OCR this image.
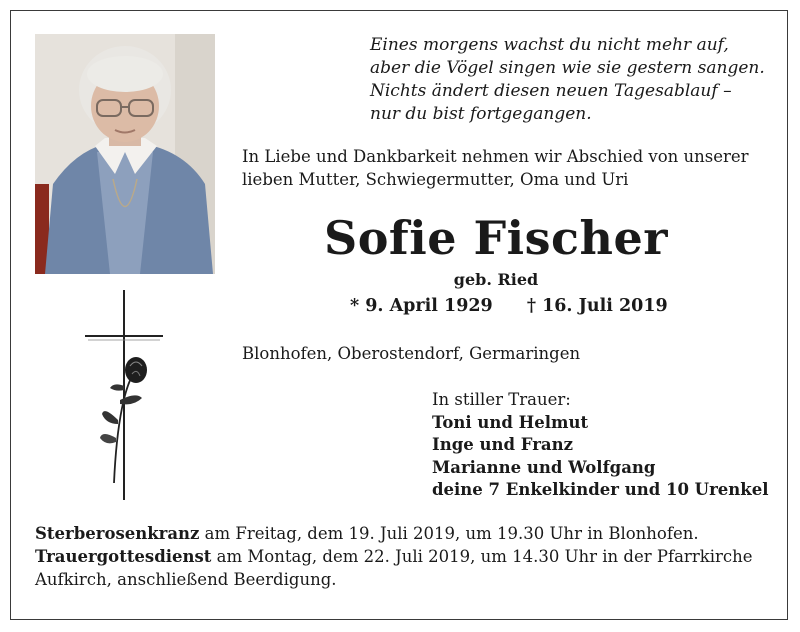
Eines morgens wachst du nicht mehr auf,
aber die Vögel singen wie sie gestern sangen.
Nichts ändert diesen neuen Tagesablauf –
nur du bist fortgegangen.
In Liebe und Dankbarkeit nehmen wir Abschied von unserer
lieben Mutter, Schwiegermutter, Oma und Uri
Sofie Fischer
geb. Ried
* 9. April 1929 † 16. Juli 2019
Blonhofen, Oberostendorf, Germaringen
In stiller Trauer:
Toni und Helmut
Inge und Franz
Marianne und Wolfgang
deine 7 Enkelkinder und 10 Urenkel
Sterberosenkranz am Freitag, dem 19. Juli 2019, um 19.30 Uhr in Blonhofen.
Trauergottesdienst am Montag, dem 22. Juli 2019, um 14.30 Uhr in der Pfarrkirche
Aufkirch, anschließend Beerdigung.
